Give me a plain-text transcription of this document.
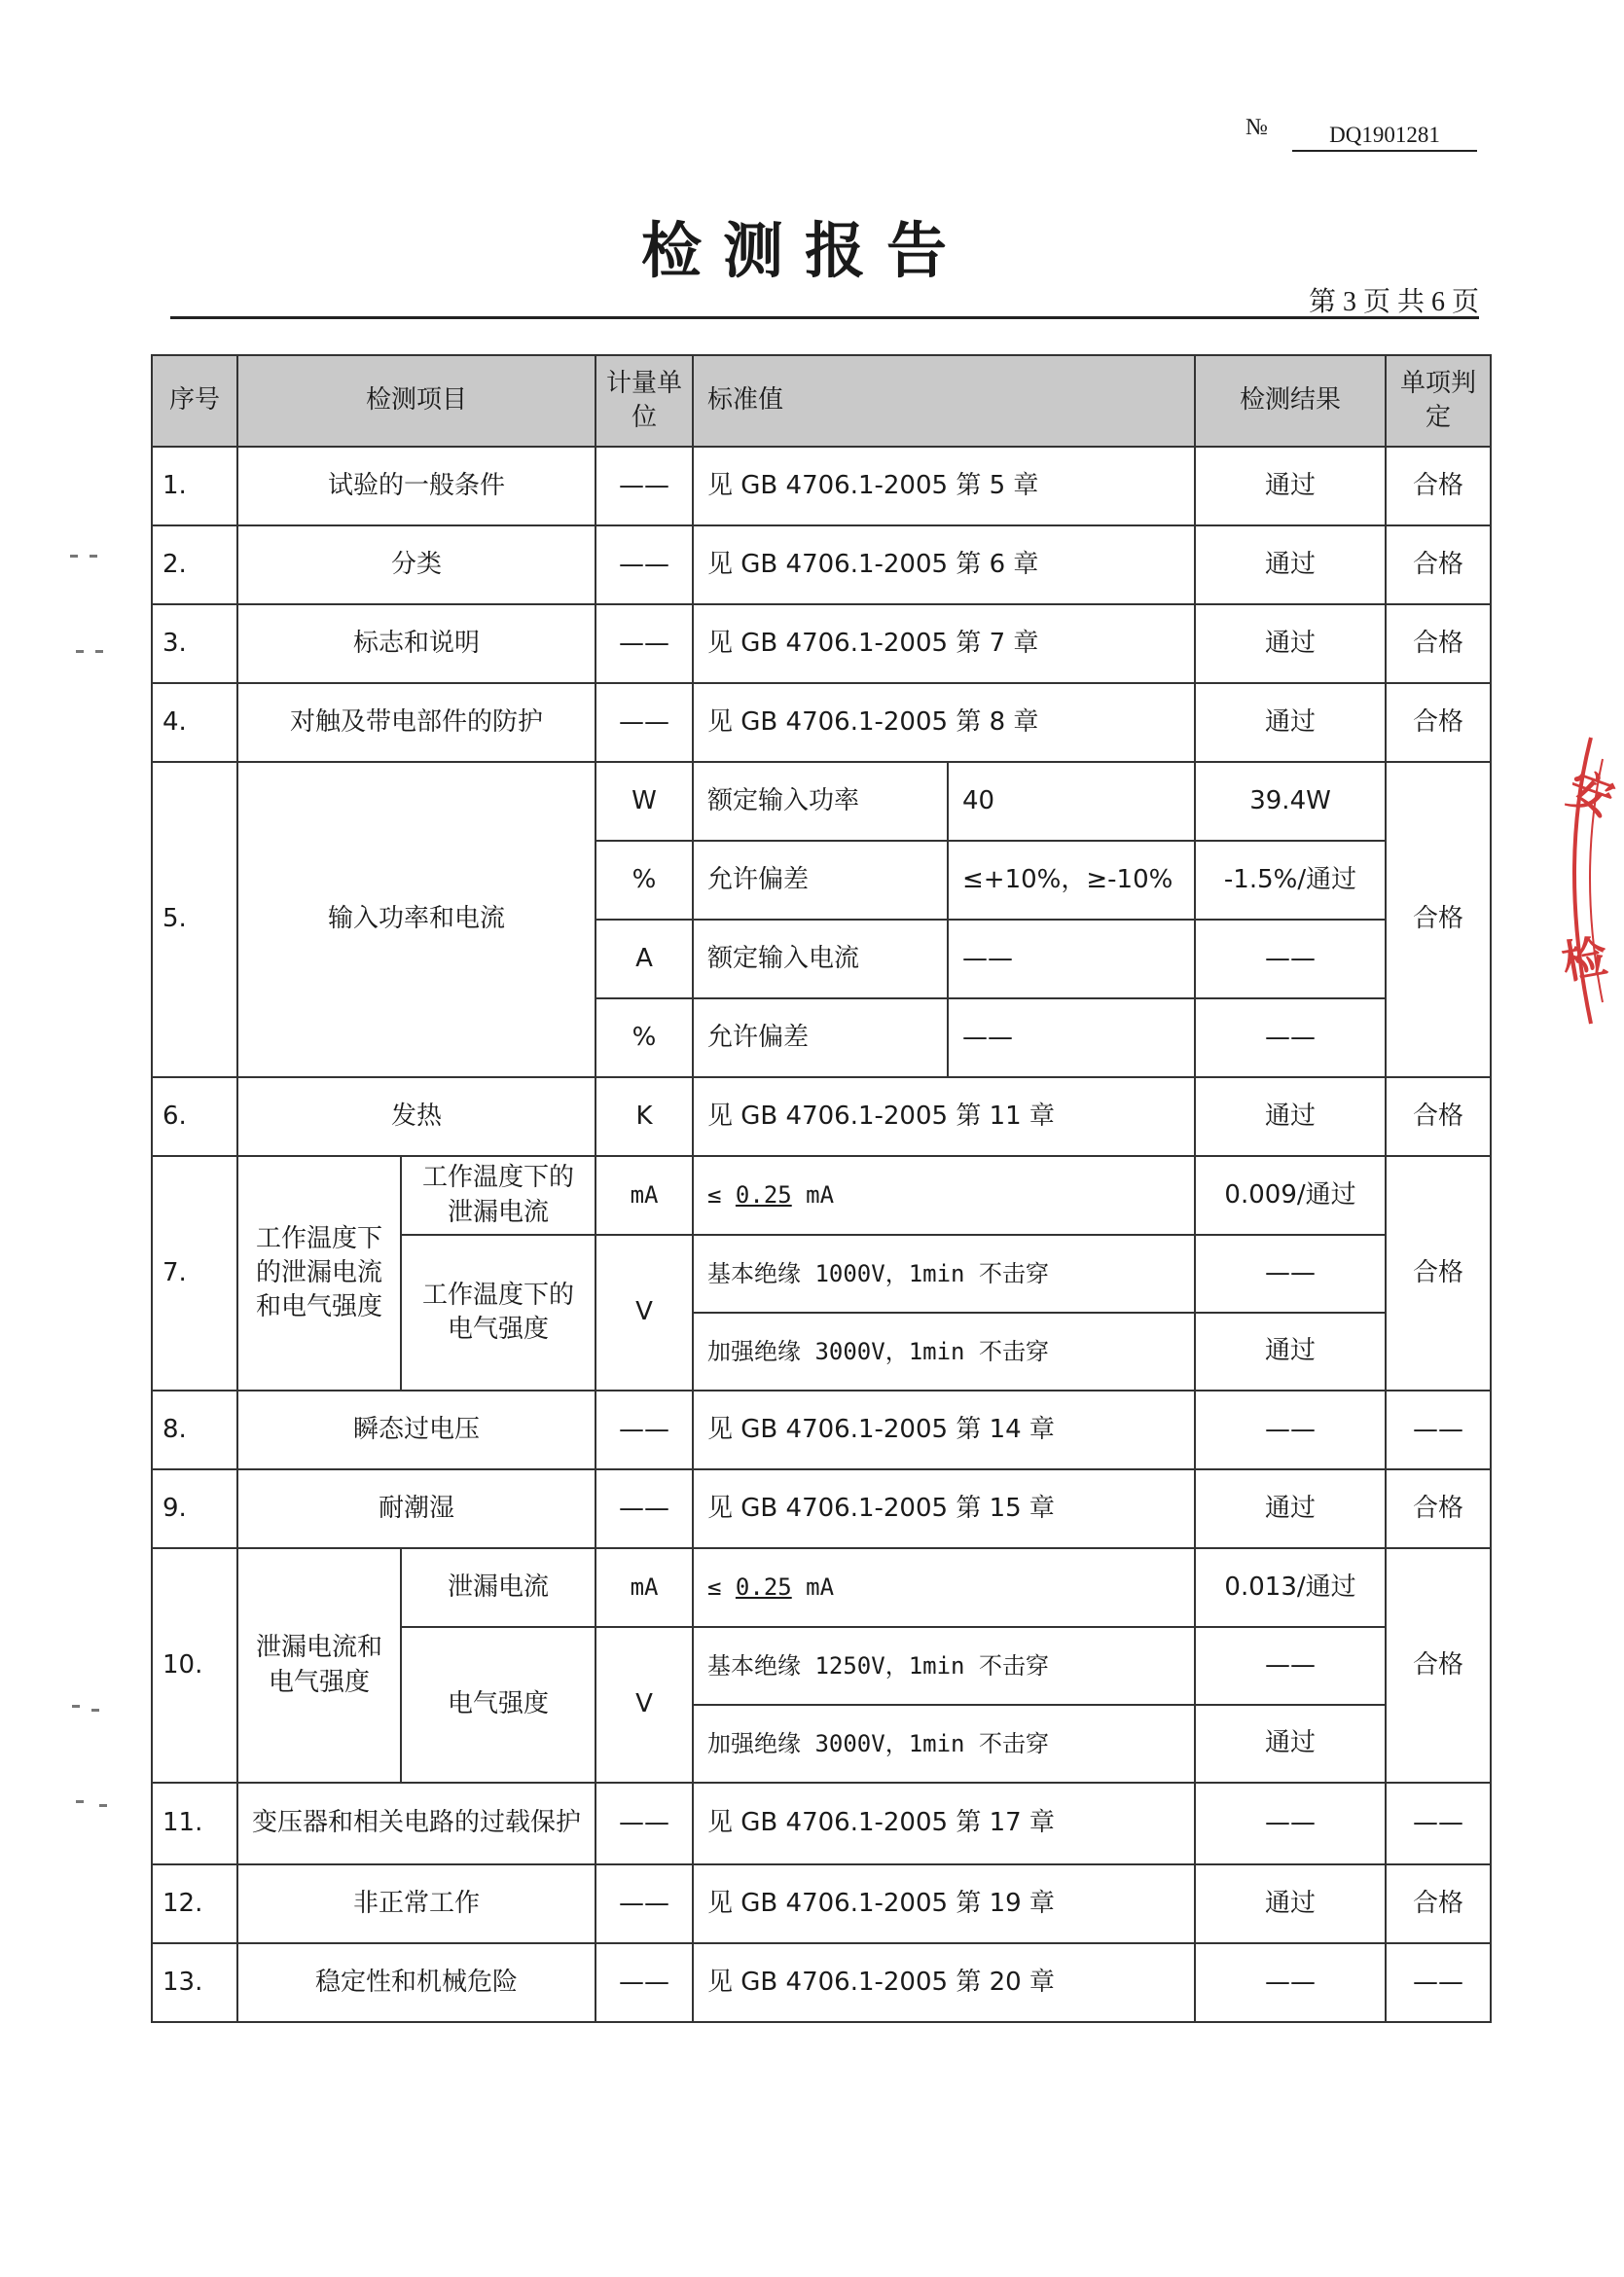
№	DQ1901281
检测报告
第 3 页 共 6 页
序号	检测项目		计量单位	标准值		检测结果	单项判定
1.	试验的一般条件		——	见 GB 4706.1-2005 第 5 章		通过	合格
2.	分类		——	见 GB 4706.1-2005 第 6 章		通过	合格
3.	标志和说明		——	见 GB 4706.1-2005 第 7 章		通过	合格
4.	对触及带电部件的防护		——	见 GB 4706.1-2005 第 8 章		通过	合格
5.	输入功率和电流		W	额定输入功率	40	39.4W	合格
			%	允许偏差	≤+10%，≥-10%	-1.5%/通过	
			A	额定输入电流	——	——	
			%	允许偏差	——	——	
6.	发热		K	见 GB 4706.1-2005 第 11 章		通过	合格
7.	工作温度下的泄漏电流和电气强度	工作温度下的泄漏电流	mA	≤ 0.25 mA		0.009/通过	合格
		工作温度下的电气强度	V	基本绝缘 1000V，1min 不击穿		——	
				加强绝缘 3000V，1min 不击穿		通过	
8.	瞬态过电压		——	见 GB 4706.1-2005 第 14 章		——	——
9.	耐潮湿		——	见 GB 4706.1-2005 第 15 章		通过	合格
10.	泄漏电流和电气强度	泄漏电流	mA	≤ 0.25 mA		0.013/通过	合格
		电气强度	V	基本绝缘 1250V，1min 不击穿		——	
				加强绝缘 3000V，1min 不击穿		通过	
11.	变压器和相关电路的过载保护		——	见 GB 4706.1-2005 第 17 章		——	——
12.	非正常工作		——	见 GB 4706.1-2005 第 19 章		通过	合格
13.	稳定性和机械危险		——	见 GB 4706.1-2005 第 20 章		——	——
安
检
